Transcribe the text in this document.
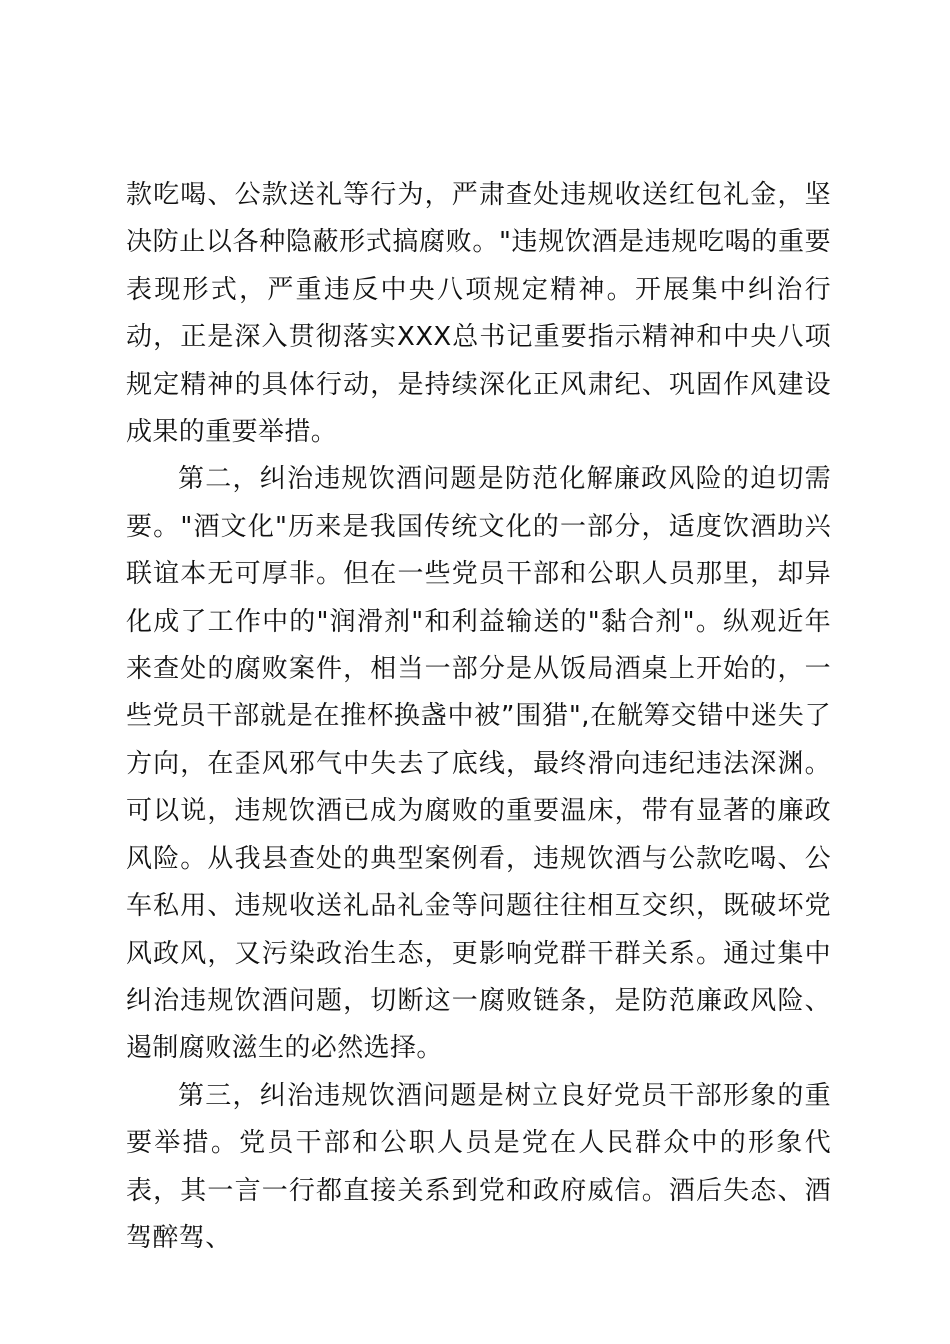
款吃喝、公款送礼等行为，严肃查处违规收送红包礼金，坚决防止以各种隐蔽形式搞腐败。"违规饮酒是违规吃喝的重要表现形式，严重违反中央八项规定精神。开展集中纠治行动，正是深入贯彻落实XXX总书记重要指示精神和中央八项规定精神的具体行动，是持续深化正风肃纪、巩固作风建设成果的重要举措。

第二，纠治违规饮酒问题是防范化解廉政风险的迫切需要。"酒文化"历来是我国传统文化的一部分，适度饮酒助兴联谊本无可厚非。但在一些党员干部和公职人员那里，却异化成了工作中的"润滑剂"和利益输送的"黏合剂"。纵观近年来查处的腐败案件，相当一部分是从饭局酒桌上开始的，一些党员干部就是在推杯换盏中被”围猎",在觥筹交错中迷失了方向，在歪风邪气中失去了底线，最终滑向违纪违法深渊。可以说，违规饮酒已成为腐败的重要温床，带有显著的廉政风险。从我县查处的典型案例看，违规饮酒与公款吃喝、公车私用、违规收送礼品礼金等问题往往相互交织，既破坏党风政风，又污染政治生态，更影响党群干群关系。通过集中纠治违规饮酒问题，切断这一腐败链条，是防范廉政风险、遏制腐败滋生的必然选择。

第三，纠治违规饮酒问题是树立良好党员干部形象的重要举措。党员干部和公职人员是党在人民群众中的形象代表，其一言一行都直接关系到党和政府威信。酒后失态、酒驾醉驾、
